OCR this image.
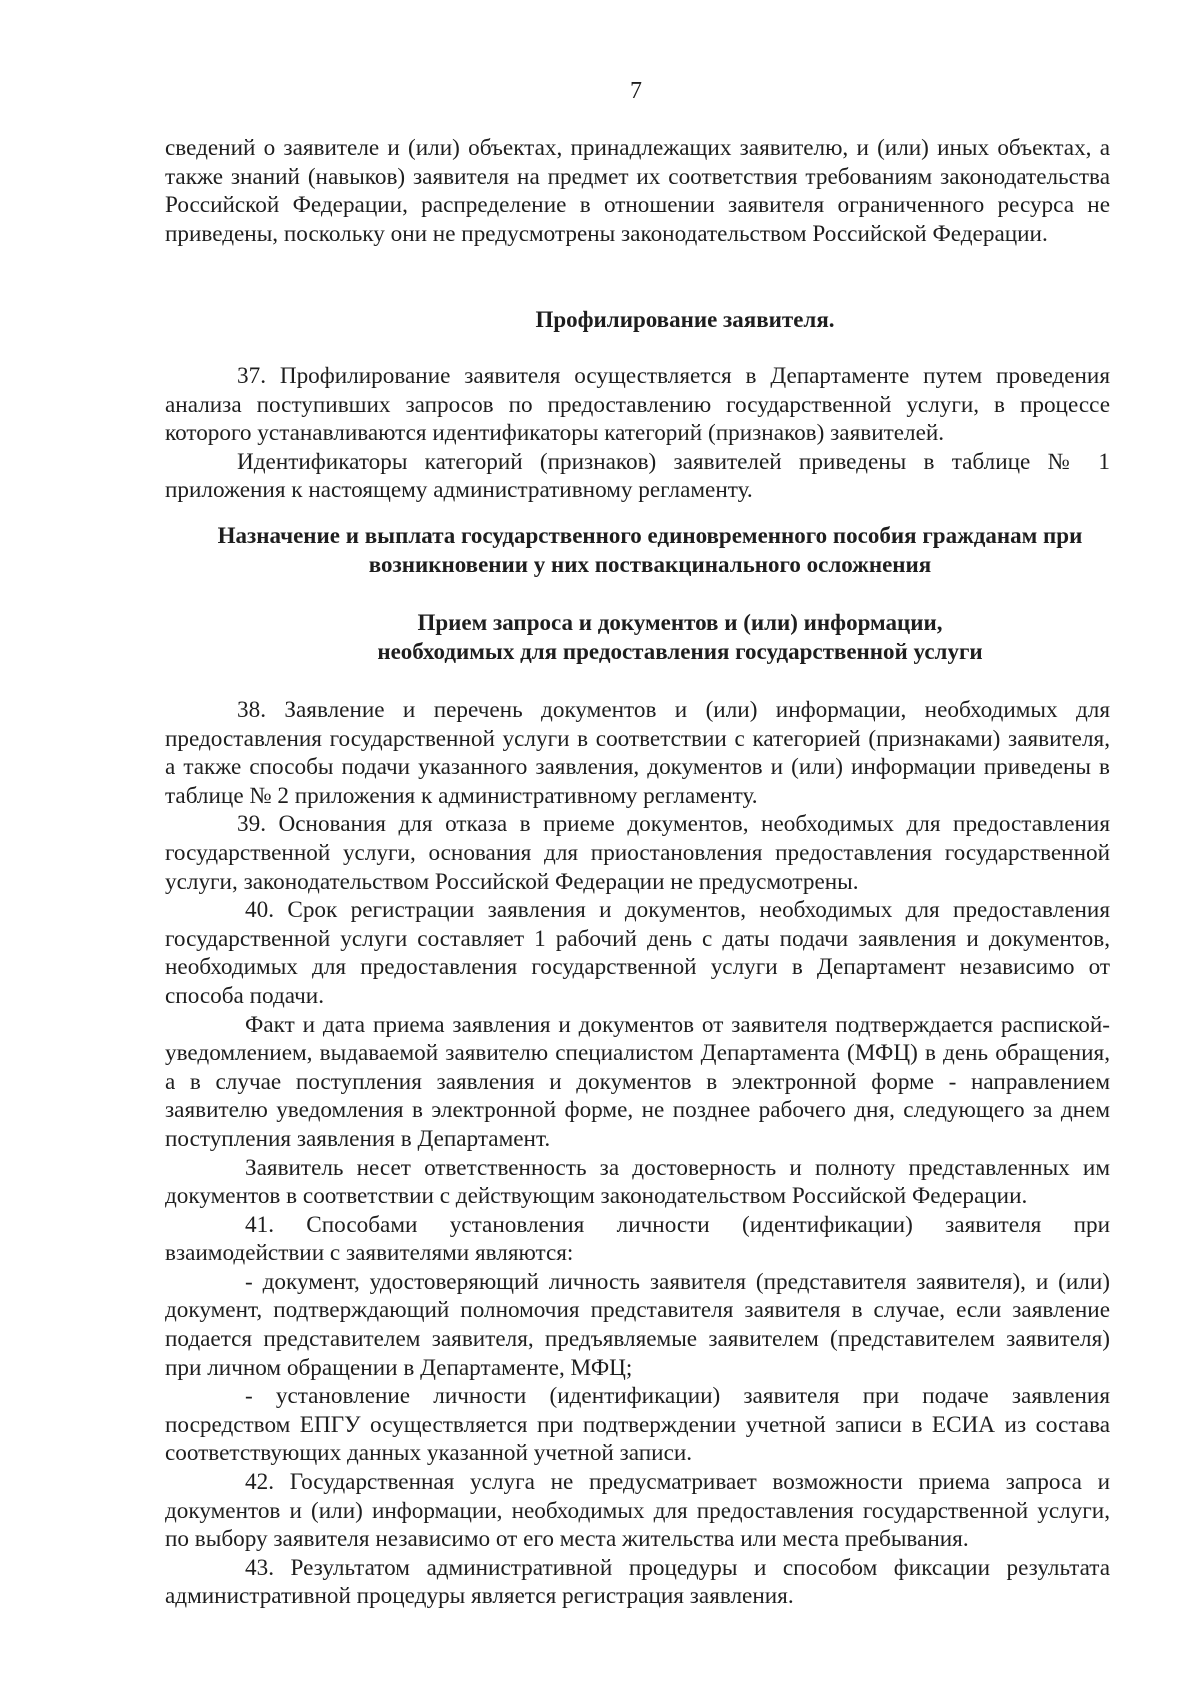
7

сведений о заявителе и (или) объектах, принадлежащих заявителю, и (или) иных объектах, а также знаний (навыков) заявителя на предмет их соответствия требованиям законодательства Российской Федерации, распределение в отношении заявителя ограниченного ресурса не приведены, поскольку они не предусмотрены законодательством Российской Федерации.

Профилирование заявителя.

37. Профилирование заявителя осуществляется в Департаменте путем проведения анализа поступивших запросов по предоставлению государственной услуги, в процессе которого устанавливаются идентификаторы категорий (признаков) заявителей.

Идентификаторы категорий (признаков) заявителей приведены в таблице № 1 приложения к настоящему административному регламенту.

Назначение и выплата государственного единовременного пособия гражданам при возникновении у них поствакцинального осложнения
Прием запроса и документов и (или) информации,
необходимых для предоставления государственной услуги

38. Заявление и перечень документов и (или) информации, необходимых для предоставления государственной услуги в соответствии с категорией (признаками) заявителя, а также способы подачи указанного заявления, документов и (или) информации приведены в таблице № 2 приложения к административному регламенту.

39. Основания для отказа в приеме документов, необходимых для предоставления государственной услуги, основания для приостановления предоставления государственной услуги, законодательством Российской Федерации не предусмотрены.

40. Срок регистрации заявления и документов, необходимых для предоставления государственной услуги составляет 1 рабочий день с даты подачи заявления и документов, необходимых для предоставления государственной услуги в Департамент независимо от способа подачи.

Факт и дата приема заявления и документов от заявителя подтверждается распиской-уведомлением, выдаваемой заявителю специалистом Департамента (МФЦ) в день обращения, а в случае поступления заявления и документов в электронной форме - направлением заявителю уведомления в электронной форме, не позднее рабочего дня, следующего за днем поступления заявления в Департамент.

Заявитель несет ответственность за достоверность и полноту представленных им документов в соответствии с действующим законодательством Российской Федерации.

41. Способами установления личности (идентификации) заявителя при взаимодействии с заявителями являются:

- документ, удостоверяющий личность заявителя (представителя заявителя), и (или) документ, подтверждающий полномочия представителя заявителя в случае, если заявление подается представителем заявителя, предъявляемые заявителем (представителем заявителя) при личном обращении в Департаменте, МФЦ;

- установление личности (идентификации) заявителя при подаче заявления посредством ЕПГУ осуществляется при подтверждении учетной записи в ЕСИА из состава соответствующих данных указанной учетной записи.

42. Государственная услуга не предусматривает возможности приема запроса и документов и (или) информации, необходимых для предоставления государственной услуги, по выбору заявителя независимо от его места жительства или места пребывания.

43. Результатом административной процедуры и способом фиксации результата административной процедуры является регистрация заявления.
